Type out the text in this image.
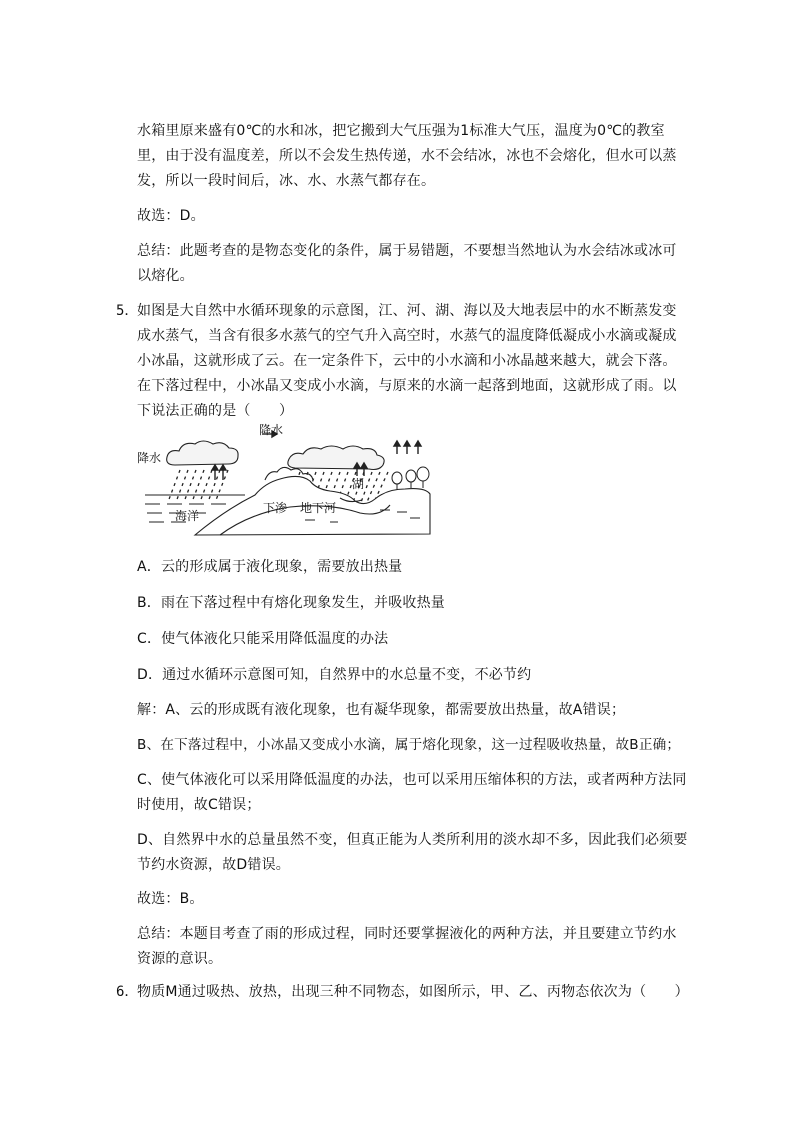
水箱里原来盛有0℃的水和冰，把它搬到大气压强为1标准大气压，温度为0℃的教室
里，由于没有温度差，所以不会发生热传递，水不会结冰，冰也不会熔化，但水可以蒸
发，所以一段时间后，冰、水、水蒸气都存在。
故选：D。
总结：此题考查的是物态变化的条件，属于易错题，不要想当然地认为水会结冰或冰可
以熔化。
5．
如图是大自然中水循环现象的示意图，江、河、湖、海以及大地表层中的水不断蒸发变
成水蒸气，当含有很多水蒸气的空气升入高空时，水蒸气的温度降低凝成小水滴或凝成
小冰晶，这就形成了云。在一定条件下，云中的小水滴和小冰晶越来越大，就会下落。
在下落过程中，小冰晶又变成小水滴，与原来的水滴一起落到地面，这就形成了雨。以
下说法正确的是（　　）
降水
降水
湖
海洋
下渗 地下河
A．云的形成属于液化现象，需要放出热量
B．雨在下落过程中有熔化现象发生，并吸收热量
C．使气体液化只能采用降低温度的办法
D．通过水循环示意图可知，自然界中的水总量不变，不必节约
解：A、云的形成既有液化现象，也有凝华现象，都需要放出热量，故A错误；
B、在下落过程中，小冰晶又变成小水滴，属于熔化现象，这一过程吸收热量，故B正确；
C、使气体液化可以采用降低温度的办法，也可以采用压缩体积的方法，或者两种方法同
时使用，故C错误；
D、自然界中水的总量虽然不变，但真正能为人类所利用的淡水却不多，因此我们必须要
节约水资源，故D错误。
故选：B。
总结：本题目考查了雨的形成过程，同时还要掌握液化的两种方法，并且要建立节约水
资源的意识。
6．
物质M通过吸热、放热，出现三种不同物态，如图所示，甲、乙、丙物态依次为（　　）
